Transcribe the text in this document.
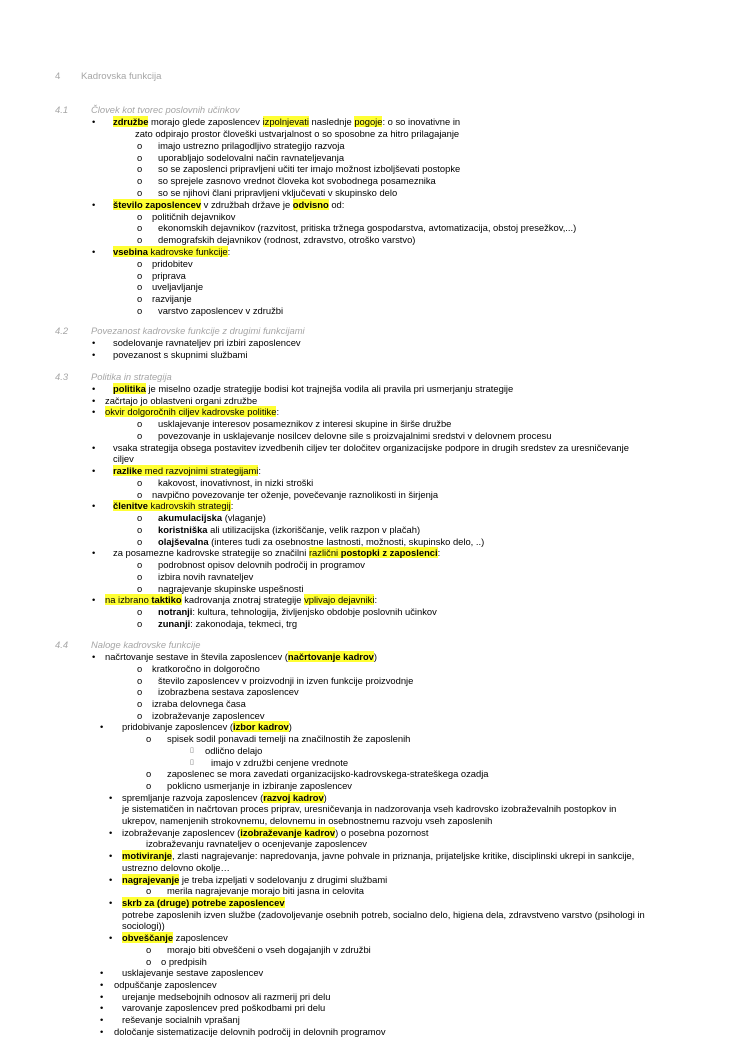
4 Kadrovska funkcija
4.1 Človek kot tvorec poslovnih učinkov
• združbe morajo glede zaposlencev izpolnjevati naslednje pogoje: o so inovativne in
zato odpirajo prostor človeški ustvarjalnost o so sposobne za hitro prilagajanje
o imajo ustrezno prilagodljivo strategijo razvoja
o uporabljajo sodelovalni način ravnateljevanja
o so se zaposlenci pripravljeni učiti ter imajo možnost izboljševati postopke
o so sprejele zasnovo vrednot človeka kot svobodnega posameznika
o so se njihovi člani pripravljeni vključevati v skupinsko delo
• število zaposlencev v združbah države je odvisno od:
o političnih dejavnikov
o ekonomskih dejavnikov (razvitost, pritiska tržnega gospodarstva, avtomatizacija, obstoj presežkov,...)
o demografskih dejavnikov (rodnost, zdravstvo, otroško varstvo)
• vsebina kadrovske funkcije:
o pridobitev
o priprava
o uveljavljanje
o razvijanje
o varstvo zaposlencev v združbi
4.2 Povezanost kadrovske funkcije z drugimi funkcijami
• sodelovanje ravnateljev pri izbiri zaposlencev
• povezanost s skupnimi službami
4.3 Politika in strategija
• politika je miselno ozadje strategije bodisi kot trajnejša vodila ali pravila pri usmerjanju strategije
• začrtajo jo oblastveni organi združbe
• okvir dolgoročnih ciljev kadrovske politike:
o usklajevanje interesov posameznikov z interesi skupine in širše družbe
o povezovanje in usklajevanje nosilcev delovne sile s proizvajalnimi sredstvi v delovnem procesu
• vsaka strategija obsega postavitev izvedbenih ciljev ter določitev organizacijske podpore in drugih sredstev za uresničevanje
ciljev
• razlike med razvojnimi strategijami:
o kakovost, inovativnost, in nizki stroški
o navpično povezovanje ter oženje, povečevanje raznolikosti in širjenja
• členitve kadrovskih strategij:
o akumulacijska (vlaganje)
o koristniška ali utilizacijska (izkoriščanje, velik razpon v plačah)
o olajševalna (interes tudi za osebnostne lastnosti, možnosti, skupinsko delo, ..)
• za posamezne kadrovske strategije so značilni različni postopki z zaposlenci:
o podrobnost opisov delovnih področij in programov
o izbira novih ravnateljev
o nagrajevanje skupinske uspešnosti
• na izbrano taktiko kadrovanja znotraj strategije vplivajo dejavniki:
o notranji: kultura, tehnologija, življenjsko obdobje poslovnih učinkov
o zunanji: zakonodaja, tekmeci, trg
4.4 Naloge kadrovske funkcije
• načrtovanje sestave in števila zaposlencev (načrtovanje kadrov)
o kratkoročno in dolgoročno
o število zaposlencev v proizvodnji in izven funkcije proizvodnje
o izobrazbena sestava zaposlencev
o izraba delovnega časa
o izobraževanje zaposlencev
• pridobivanje zaposlencev (izbor kadrov)
o spisek sodil ponavadi temelji na značilnostih že zaposlenih
▯ odlično delajo
▯ imajo v združbi cenjene vrednote
o zaposlenec se mora zavedati organizacijsko-kadrovskega-strateškega ozadja
o poklicno usmerjanje in izbiranje zaposlencev
• spremljanje razvoja zaposlencev (razvoj kadrov)
je sistematičen in načrtovan proces priprav, uresničevanja in nadzorovanja vseh kadrovsko izobraževalnih postopkov in
ukrepov, namenjenih strokovnemu, delovnemu in osebnostnemu razvoju vseh zaposlenih
• izobraževanje zaposlencev (izobraževanje kadrov) o posebna pozornost
izobraževanju ravnateljev o ocenjevanje zaposlencev
• motiviranje, zlasti nagrajevanje: napredovanja, javne pohvale in priznanja, prijateljske kritike, disciplinski ukrepi in sankcije,
ustrezno delovno okolje…
• nagrajevanje je treba izpeljati v sodelovanju z drugimi službami
o merila nagrajevanje morajo biti jasna in celovita
• skrb za (druge) potrebe zaposlencev
potrebe zaposlenih izven službe (zadovoljevanje osebnih potreb, socialno delo, higiena dela, zdravstveno varstvo (psihologi in
sociologi))
• obveščanje zaposlencev
o morajo biti obveščeni o vseh dogajanjih v združbi
o o predpisih
• usklajevanje sestave zaposlencev
• odpuščanje zaposlencev
• urejanje medsebojnih odnosov ali razmerij pri delu
• varovanje zaposlencev pred poškodbami pri delu
• reševanje socialnih vprašanj
• določanje sistematizacije delovnih področij in delovnih programov
